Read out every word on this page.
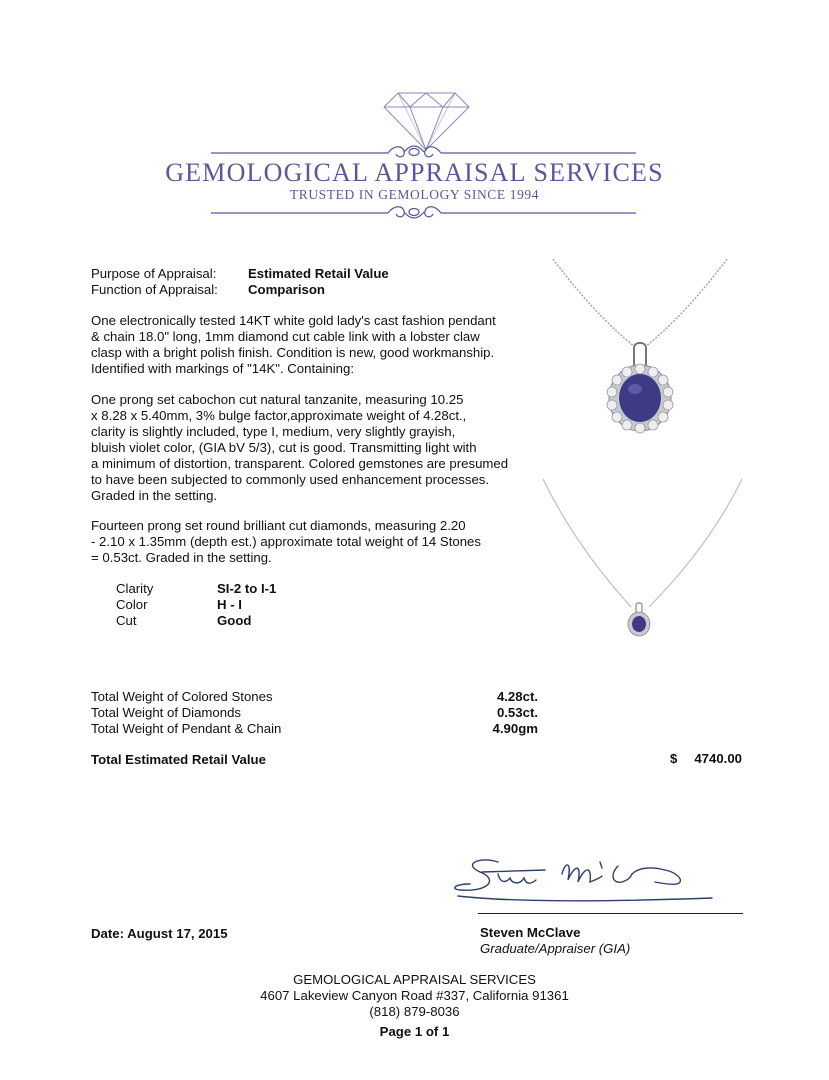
GEMOLOGICAL APPRAISAL SERVICES
TRUSTED IN GEMOLOGY SINCE 1994
Purpose of Appraisal: Estimated Retail Value
Function of Appraisal: Comparison
One electronically tested 14KT white gold lady's cast fashion pendant
& chain 18.0" long, 1mm diamond cut cable link with a lobster claw
clasp with a bright polish finish. Condition is new, good workmanship.
Identified with markings of "14K". Containing:
One prong set cabochon cut natural tanzanite, measuring 10.25
x 8.28 x 5.40mm, 3% bulge factor,approximate weight of 4.28ct.,
clarity is slightly included, type I, medium, very slightly grayish,
bluish violet color, (GIA bV 5/3), cut is good. Transmitting light with
a minimum of distortion, transparent. Colored gemstones are presumed
to have been subjected to commonly used enhancement processes.
Graded in the setting.
Fourteen prong set round brilliant cut diamonds, measuring 2.20
- 2.10 x 1.35mm (depth est.) approximate total weight of 14 Stones
= 0.53ct. Graded in the setting.
Clarity	SI-2 to I-1
Color	H - I
Cut	Good
Total Weight of Colored Stones	4.28ct.
Total Weight of Diamonds	0.53ct.
Total Weight of Pendant & Chain	4.90gm
Total Estimated Retail Value	$ 4740.00
Date: August 17, 2015	Steven McClave
Graduate/Appraiser (GIA)
GEMOLOGICAL APPRAISAL SERVICES
4607 Lakeview Canyon Road #337, California 91361
(818) 879-8036
Page 1 of 1
